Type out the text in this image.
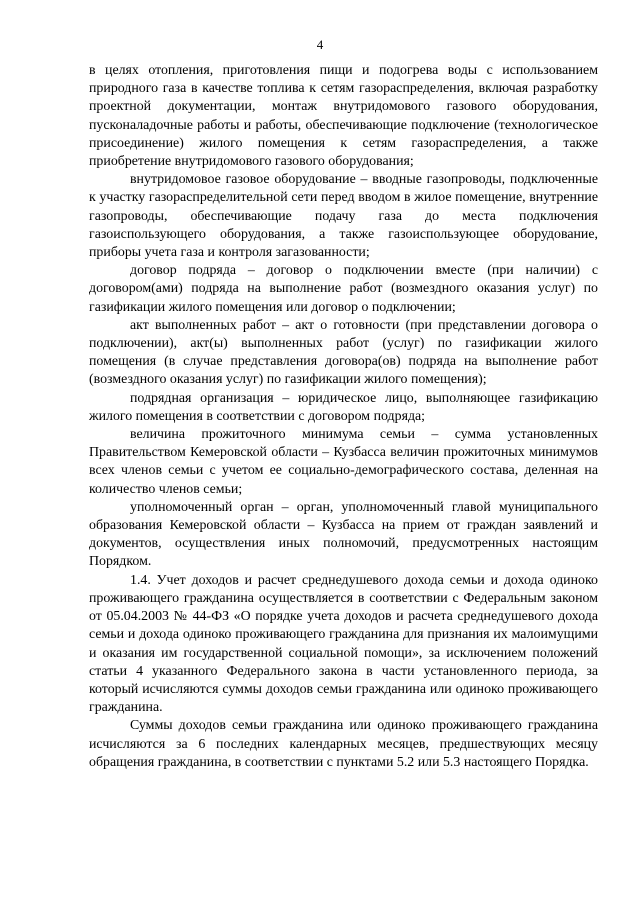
4

в целях отопления, приготовления пищи и подогрева воды с использованием природного газа в качестве топлива к сетям газораспределения, включая разработку проектной документации, монтаж внутридомового газового оборудования, пусконаладочные работы и работы, обеспечивающие подключение (технологическое присоединение) жилого помещения к сетям газораспределения, а также приобретение внутридомового газового оборудования;

внутридомовое газовое оборудование – вводные газопроводы, подключенные к участку газораспределительной сети перед вводом в жилое помещение, внутренние газопроводы, обеспечивающие подачу газа до места подключения газоиспользующего оборудования, а также газоиспользующее оборудование, приборы учета газа и контроля загазованности;

договор подряда – договор о подключении вместе (при наличии) с договором(ами) подряда на выполнение работ (возмездного оказания услуг) по газификации жилого помещения или договор о подключении;

акт выполненных работ – акт о готовности (при представлении договора о подключении), акт(ы) выполненных работ (услуг) по газификации жилого помещения (в случае представления договора(ов) подряда на выполнение работ (возмездного оказания услуг) по газификации жилого помещения);

подрядная организация – юридическое лицо, выполняющее газификацию жилого помещения в соответствии с договором подряда;

величина прожиточного минимума семьи – сумма установленных Правительством Кемеровской области – Кузбасса величин прожиточных минимумов всех членов семьи с учетом ее социально-демографического состава, деленная на количество членов семьи;

уполномоченный орган – орган, уполномоченный главой муниципального образования Кемеровской области – Кузбасса на прием от граждан заявлений и документов, осуществления иных полномочий, предусмотренных настоящим Порядком.

1.4. Учет доходов и расчет среднедушевого дохода семьи и дохода одиноко проживающего гражданина осуществляется в соответствии с Федеральным законом от 05.04.2003 № 44-ФЗ «О порядке учета доходов и расчета среднедушевого дохода семьи и дохода одиноко проживающего гражданина для признания их малоимущими и оказания им государственной социальной помощи», за исключением положений статьи 4 указанного Федерального закона в части установленного периода, за который исчисляются суммы доходов семьи гражданина или одиноко проживающего гражданина.

Суммы доходов семьи гражданина или одиноко проживающего гражданина исчисляются за 6 последних календарных месяцев, предшествующих месяцу обращения гражданина, в соответствии с пунктами 5.2 или 5.3 настоящего Порядка.
